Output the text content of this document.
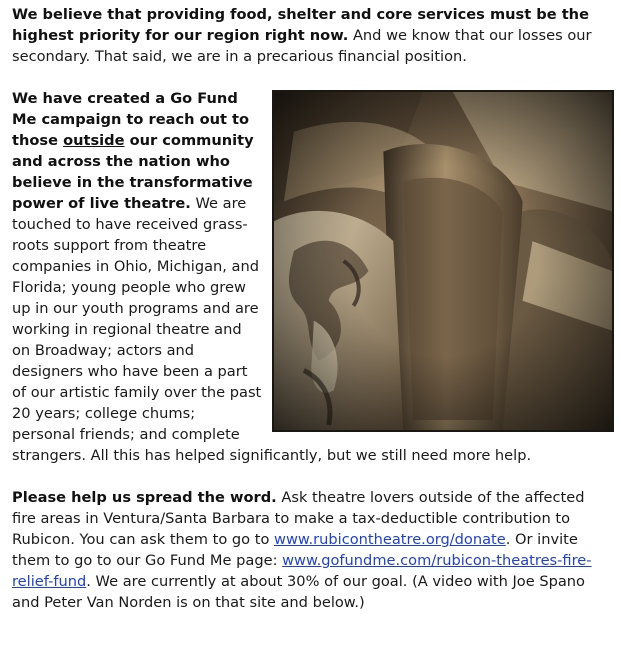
We believe that providing food, shelter and core services must be the highest priority for our region right now. And we know that our losses our secondary. That said, we are in a precarious financial position.

We have created a Go Fund Me campaign to reach out to those outside our community and across the nation who believe in the transformative power of live theatre. We are touched to have received grass-roots support from theatre companies in Ohio, Michigan, and Florida; young people who grew up in our youth programs and are working in regional theatre and on Broadway; actors and designers who have been a part of our artistic family over the past 20 years; college chums; personal friends; and complete strangers. All this has helped significantly, but we still need more help.

Please help us spread the word. Ask theatre lovers outside of the affected fire areas in Ventura/Santa Barbara to make a tax-deductible contribution to Rubicon. You can ask them to go to www.rubicontheatre.org/donate. Or invite them to go to our Go Fund Me page: www.gofundme.com/rubicon-theatres-fire-relief-fund. We are currently at about 30% of our goal. (A video with Joe Spano and Peter Van Norden is on that site and below.)
